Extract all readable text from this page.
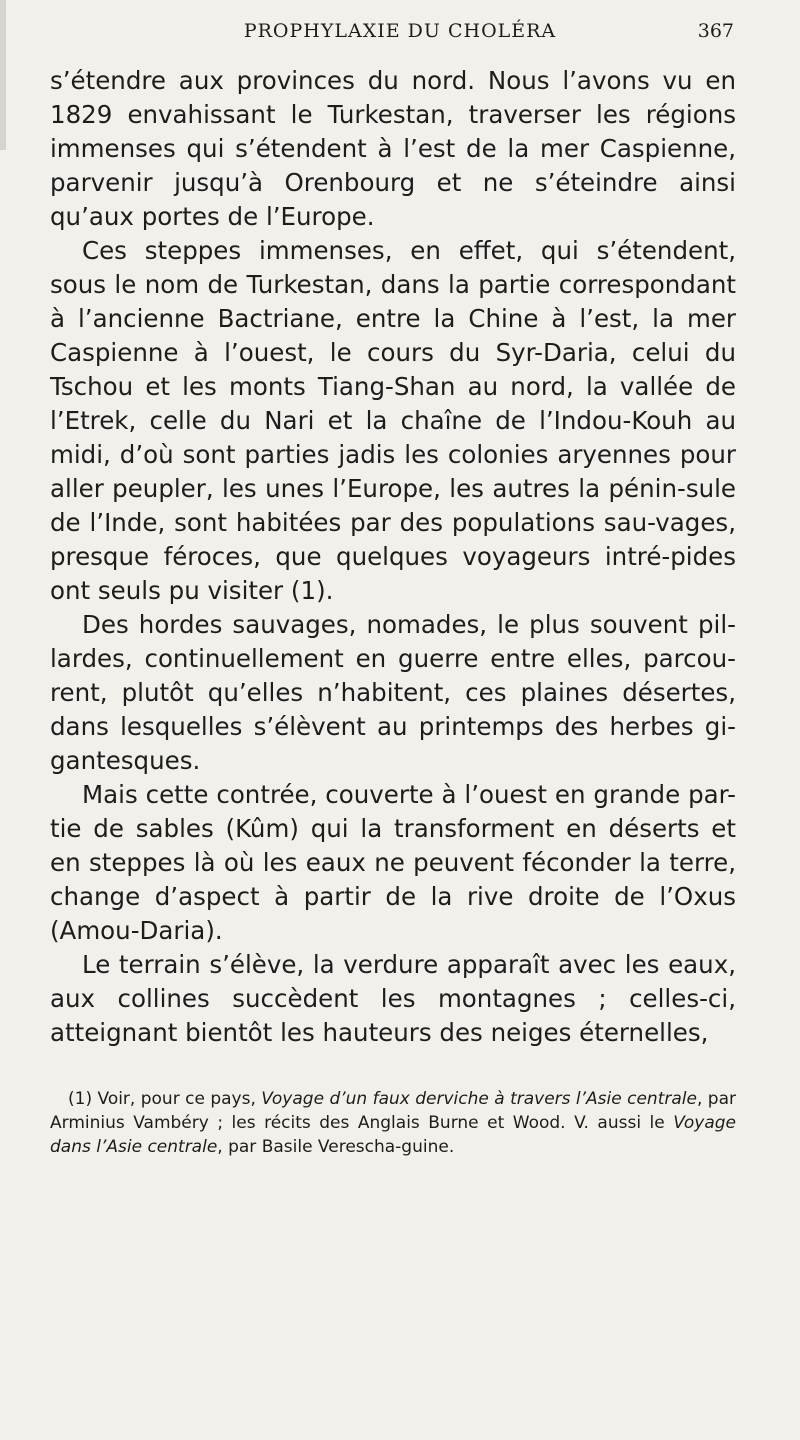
PROPHYLAXIE DU CHOLÉRA	367

s’étendre aux provinces du nord. Nous l’avons vu en 1829 envahissant le Turkestan, traverser les régions immenses qui s’étendent à l’est de la mer Caspienne, parvenir jusqu’à Orenbourg et ne s’éteindre ainsi qu’aux portes de l’Europe.

Ces steppes immenses, en effet, qui s’étendent, sous le nom de Turkestan, dans la partie correspondant à l’ancienne Bactriane, entre la Chine à l’est, la mer Caspienne à l’ouest, le cours du Syr-Daria, celui du Tschou et les monts Tiang-Shan au nord, la vallée de l’Etrek, celle du Nari et la chaîne de l’Indou-Kouh au midi, d’où sont parties jadis les colonies aryennes pour aller peupler, les unes l’Europe, les autres la pénin-sule de l’Inde, sont habitées par des populations sau-vages, presque féroces, que quelques voyageurs intré-pides ont seuls pu visiter (1).

Des hordes sauvages, nomades, le plus souvent pil-lardes, continuellement en guerre entre elles, parcou-rent, plutôt qu’elles n’habitent, ces plaines désertes, dans lesquelles s’élèvent au printemps des herbes gi-gantesques.

Mais cette contrée, couverte à l’ouest en grande par-tie de sables (Kûm) qui la transforment en déserts et en steppes là où les eaux ne peuvent féconder la terre, change d’aspect à partir de la rive droite de l’Oxus (Amou-Daria).

Le terrain s’élève, la verdure apparaît avec les eaux, aux collines succèdent les montagnes ; celles-ci, atteignant bientôt les hauteurs des neiges éternelles,

(1) Voir, pour ce pays, Voyage d’un faux derviche à travers l’Asie centrale, par Arminius Vambéry ; les récits des Anglais Burne et Wood. V. aussi le Voyage dans l’Asie centrale, par Basile Verescha-guine.
